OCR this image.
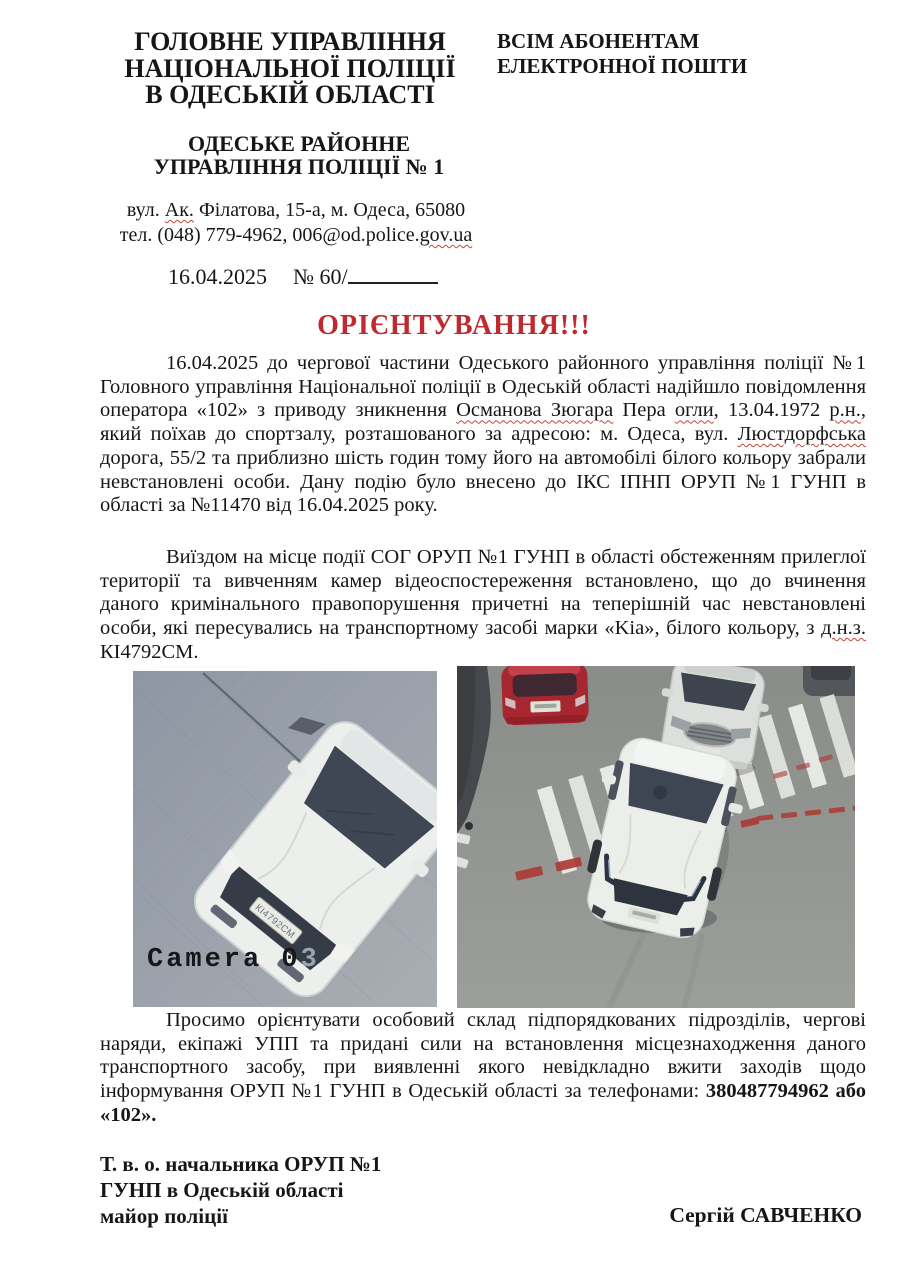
ГОЛОВНЕ УПРАВЛІННЯ
НАЦІОНАЛЬНОЇ ПОЛІЦІЇ
В ОДЕСЬКІЙ ОБЛАСТІ
ВСІМ АБОНЕНТАМ
ЕЛЕКТРОННОЇ ПОШТИ
ОДЕСЬКЕ РАЙОННЕ
УПРАВЛІННЯ ПОЛІЦІЇ № 1
вул. Ак. Філатова, 15-а, м. Одеса, 65080
тел. (048) 779-4962, 006@od.police.gov.ua
16.04.2025 № 60/
ОРІЄНТУВАННЯ!!!

16.04.2025 до чергової частини Одеського районного управління поліції №1 Головного управління Національної поліції в Одеській області надійшло повідомлення оператора «102» з приводу зникнення Османова Зюгара Пера огли, 13.04.1972 р.н., який поїхав до спортзалу, розташованого за адресою: м. Одеса, вул. Люстдорфська дорога, 55/2 та приблизно шість годин тому його на автомобілі білого кольору забрали невстановлені особи. Дану подію було внесено до ІКС ІПНП ОРУП №1 ГУНП в області за №11470 від 16.04.2025 року.

Виїздом на місце події СОГ ОРУП №1 ГУНП в області обстеженням прилеглої території та вивченням камер відеоспостереження встановлено, що до вчинення даного кримінального правопорушення причетні на теперішній час невстановлені особи, які пересувались на транспортному засобі марки «Kia», білого кольору, з д.н.з. КІ4792СМ.

КІ4792СМ
Camera 03

Просимо орієнтувати особовий склад підпорядкованих підрозділів, чергові наряди, екіпажі УПП та придані сили на встановлення місцезнаходження даного транспортного засобу, при виявленні якого невідкладно вжити заходів щодо інформування ОРУП №1 ГУНП в Одеській області за телефонами: 380487794962 або «102».

Т. в. о. начальника ОРУП №1
ГУНП в Одеській області
майор поліції	Сергій САВЧЕНКО
